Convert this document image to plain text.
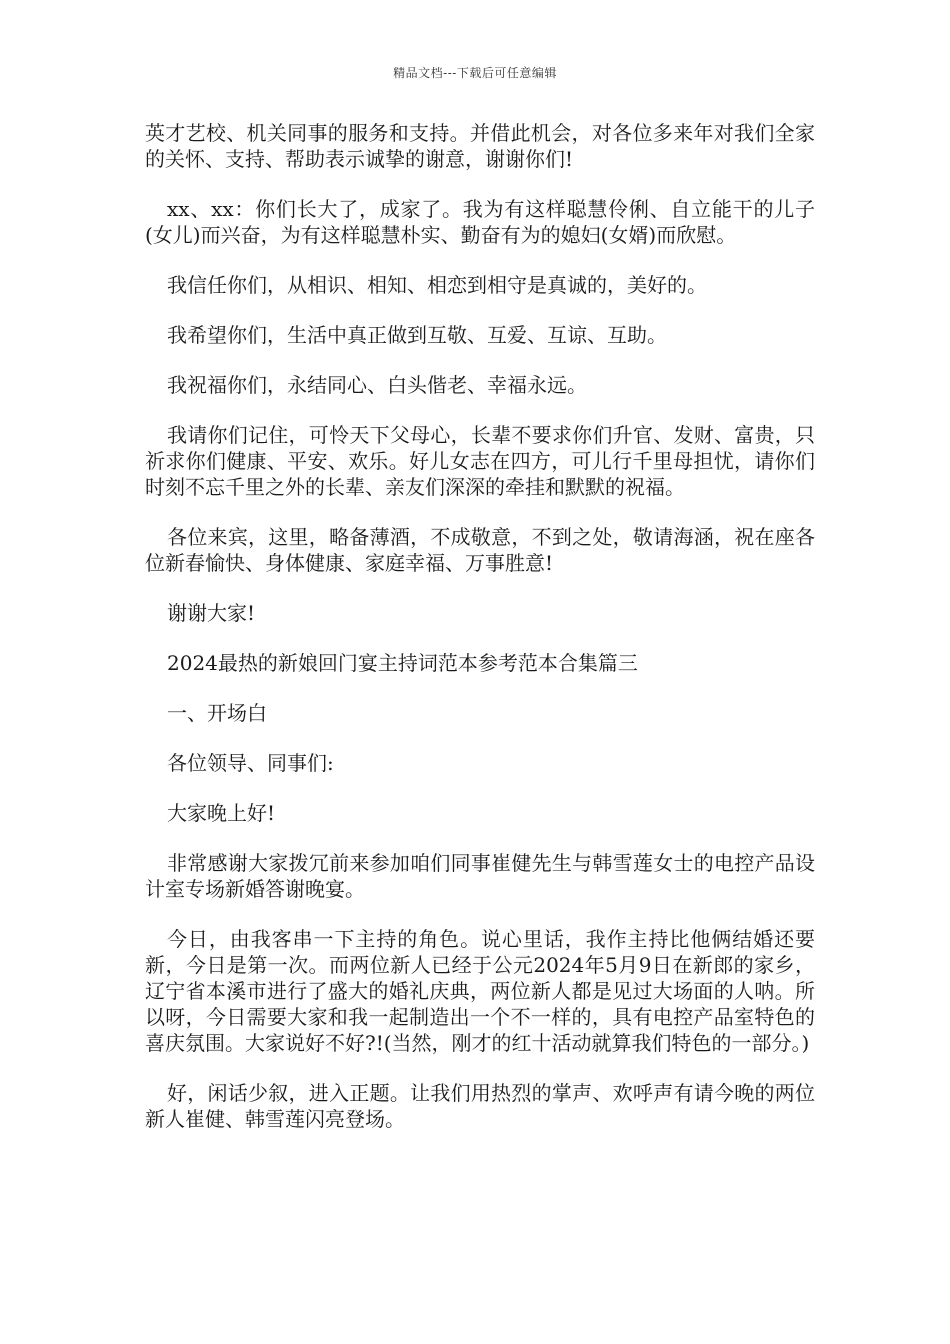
精品文档---下载后可任意编辑

英才艺校、机关同事的服务和支持。并借此机会，对各位多来年对我们全家的关怀、支持、帮助表示诚挚的谢意，谢谢你们!

xx、xx：你们长大了，成家了。我为有这样聪慧伶俐、自立能干的儿子(女儿)而兴奋，为有这样聪慧朴实、勤奋有为的媳妇(女婿)而欣慰。

我信任你们，从相识、相知、相恋到相守是真诚的，美好的。

我希望你们，生活中真正做到互敬、互爱、互谅、互助。

我祝福你们，永结同心、白头偕老、幸福永远。

我请你们记住，可怜天下父母心，长辈不要求你们升官、发财、富贵，只祈求你们健康、平安、欢乐。好儿女志在四方，可儿行千里母担忧，请你们时刻不忘千里之外的长辈、亲友们深深的牵挂和默默的祝福。

各位来宾，这里，略备薄酒，不成敬意，不到之处，敬请海涵，祝在座各位新春愉快、身体健康、家庭幸福、万事胜意!

谢谢大家!

2024最热的新娘回门宴主持词范本参考范本合集篇三

一、开场白

各位领导、同事们:

大家晚上好!

非常感谢大家拨冗前来参加咱们同事崔健先生与韩雪莲女士的电控产品设计室专场新婚答谢晚宴。

今日，由我客串一下主持的角色。说心里话，我作主持比他俩结婚还要新，今日是第一次。而两位新人已经于公元2024年5月9日在新郎的家乡，辽宁省本溪市进行了盛大的婚礼庆典，两位新人都是见过大场面的人呐。所以呀，今日需要大家和我一起制造出一个不一样的，具有电控产品室特色的喜庆氛围。大家说好不好?!(当然，刚才的红十活动就算我们特色的一部分。)

好，闲话少叙，进入正题。让我们用热烈的掌声、欢呼声有请今晚的两位新人崔健、韩雪莲闪亮登场。
